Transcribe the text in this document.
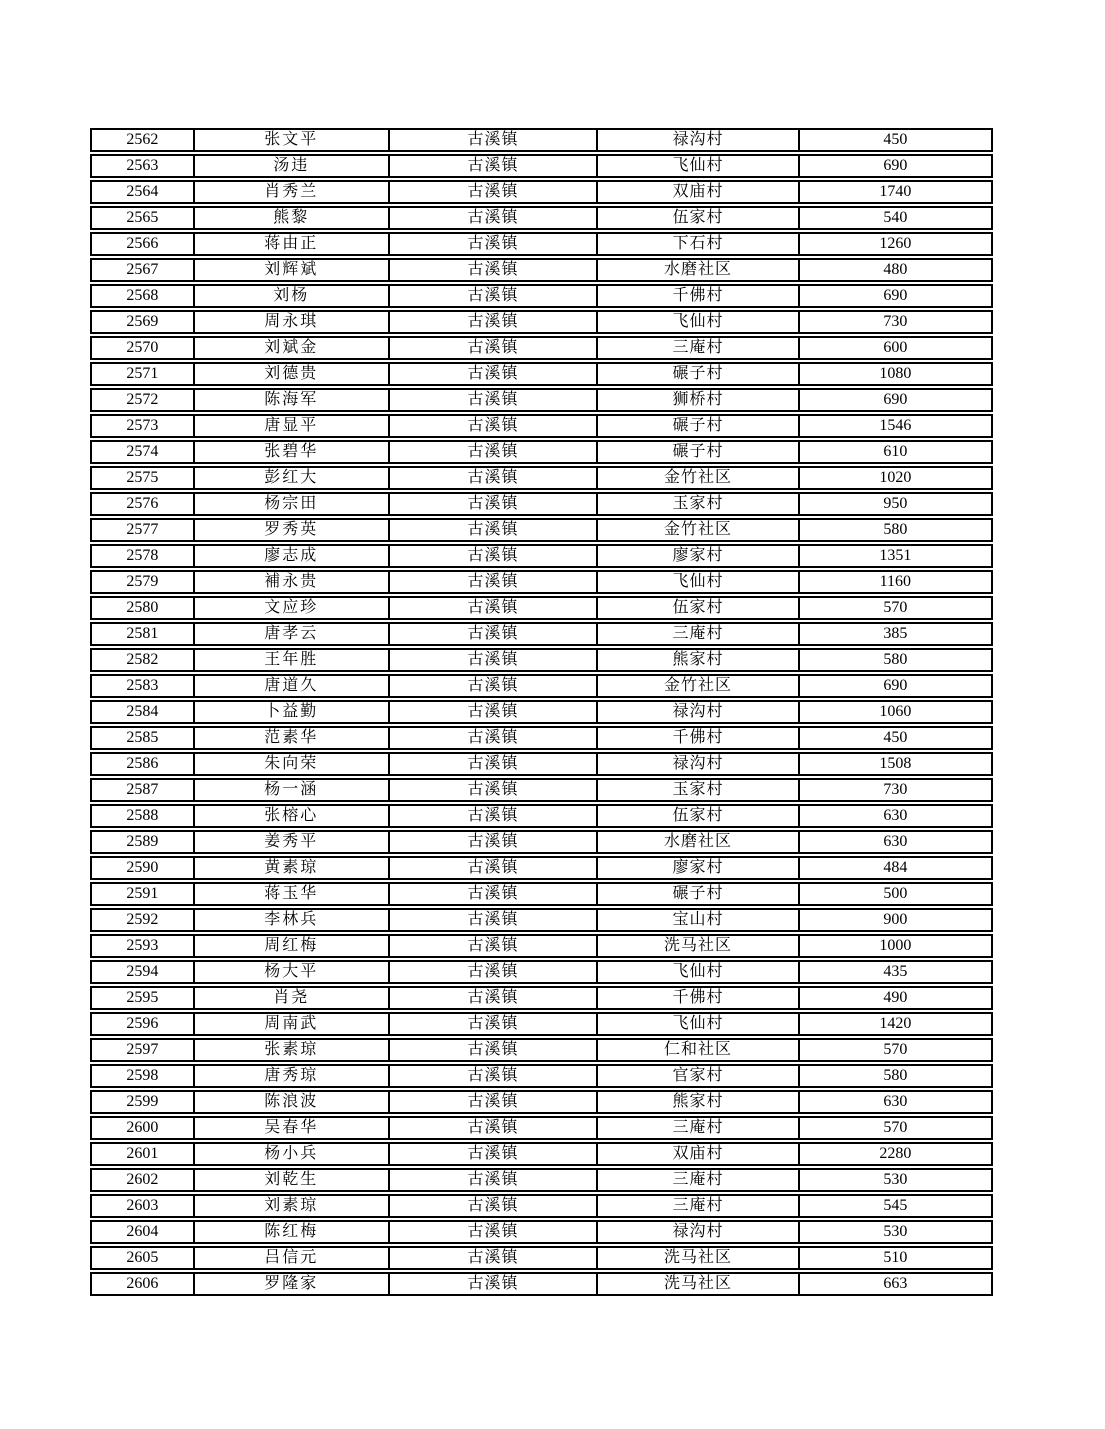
2562	张文平	古溪镇	禄沟村	450
2563	汤违	古溪镇	飞仙村	690
2564	肖秀兰	古溪镇	双庙村	1740
2565	熊黎	古溪镇	伍家村	540
2566	蒋由正	古溪镇	下石村	1260
2567	刘辉斌	古溪镇	水磨社区	480
2568	刘杨	古溪镇	千佛村	690
2569	周永琪	古溪镇	飞仙村	730
2570	刘斌金	古溪镇	三庵村	600
2571	刘德贵	古溪镇	碾子村	1080
2572	陈海军	古溪镇	狮桥村	690
2573	唐显平	古溪镇	碾子村	1546
2574	张碧华	古溪镇	碾子村	610
2575	彭红大	古溪镇	金竹社区	1020
2576	杨宗田	古溪镇	玉家村	950
2577	罗秀英	古溪镇	金竹社区	580
2578	廖志成	古溪镇	廖家村	1351
2579	補永贵	古溪镇	飞仙村	1160
2580	文应珍	古溪镇	伍家村	570
2581	唐孝云	古溪镇	三庵村	385
2582	王年胜	古溪镇	熊家村	580
2583	唐道久	古溪镇	金竹社区	690
2584	卜益勤	古溪镇	禄沟村	1060
2585	范素华	古溪镇	千佛村	450
2586	朱向荣	古溪镇	禄沟村	1508
2587	杨一涵	古溪镇	玉家村	730
2588	张榕心	古溪镇	伍家村	630
2589	姜秀平	古溪镇	水磨社区	630
2590	黄素琼	古溪镇	廖家村	484
2591	蒋玉华	古溪镇	碾子村	500
2592	李林兵	古溪镇	宝山村	900
2593	周红梅	古溪镇	洗马社区	1000
2594	杨大平	古溪镇	飞仙村	435
2595	肖尧	古溪镇	千佛村	490
2596	周南武	古溪镇	飞仙村	1420
2597	张素琼	古溪镇	仁和社区	570
2598	唐秀琼	古溪镇	官家村	580
2599	陈浪波	古溪镇	熊家村	630
2600	吴春华	古溪镇	三庵村	570
2601	杨小兵	古溪镇	双庙村	2280
2602	刘乾生	古溪镇	三庵村	530
2603	刘素琼	古溪镇	三庵村	545
2604	陈红梅	古溪镇	禄沟村	530
2605	吕信元	古溪镇	洗马社区	510
2606	罗隆家	古溪镇	洗马社区	663
